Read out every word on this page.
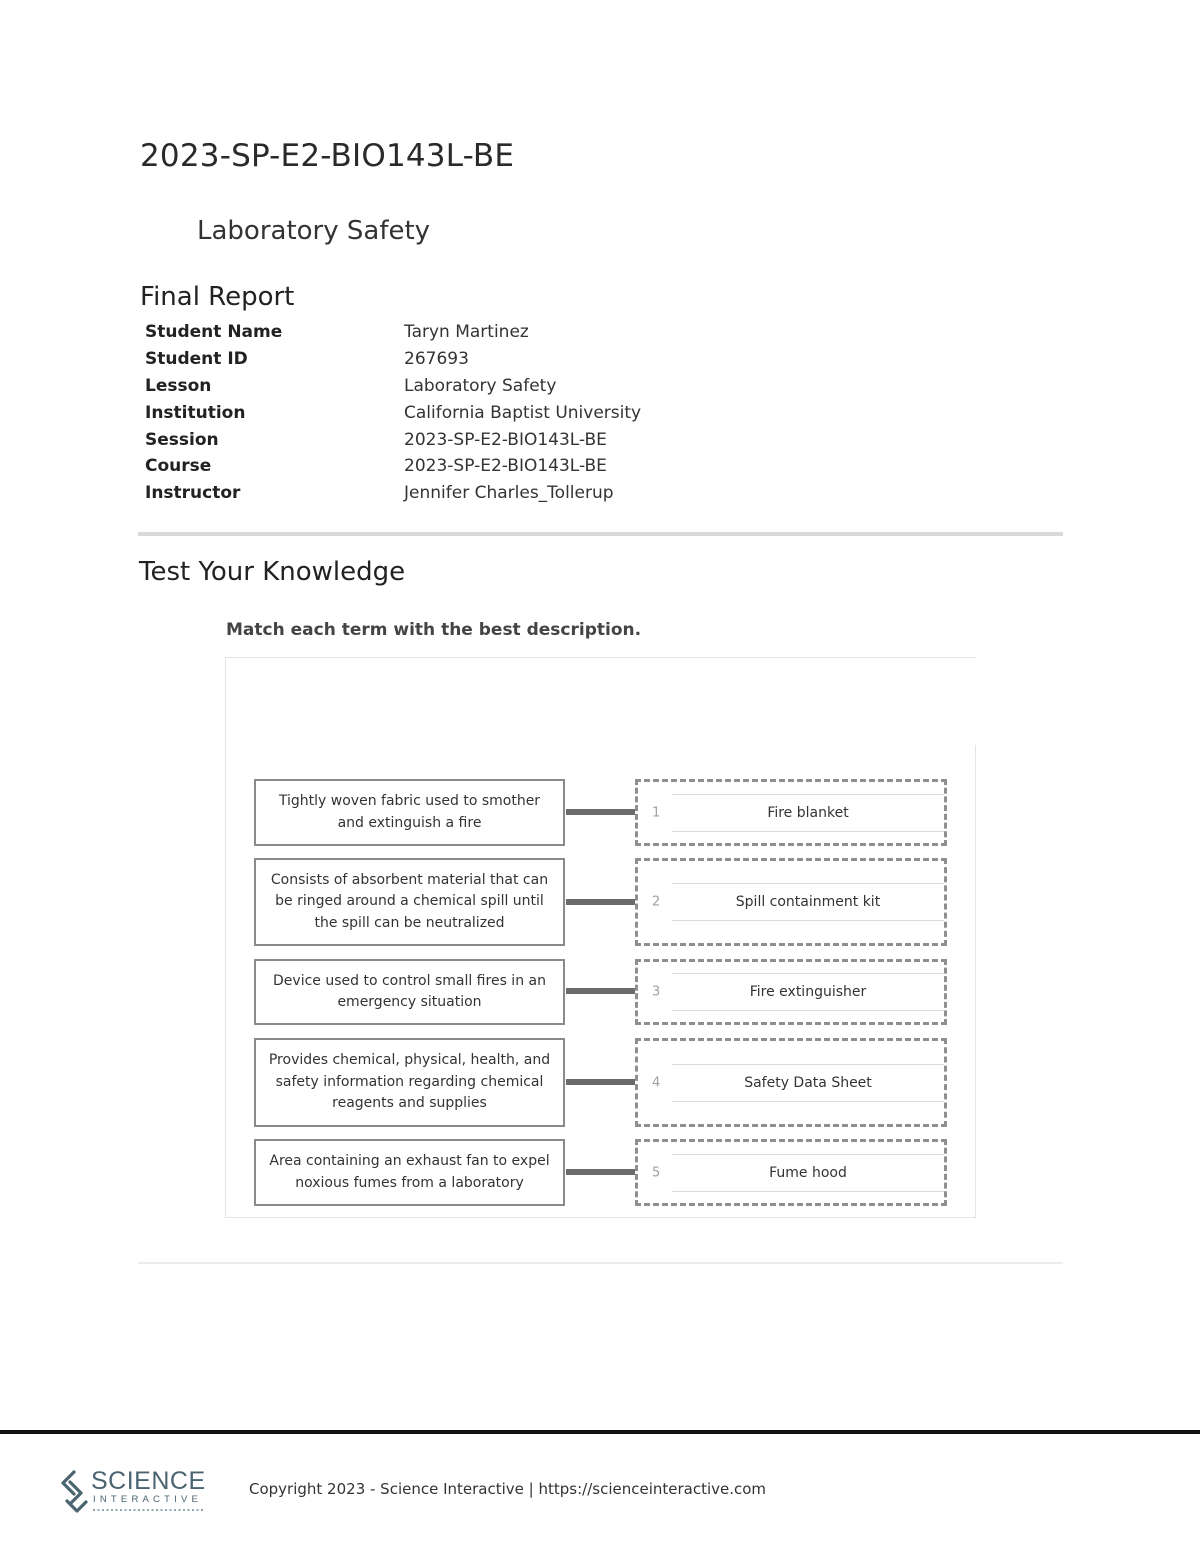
2023-SP-E2-BIO143L-BE
Laboratory Safety
Final Report
Student Name	Taryn Martinez
Student ID	267693
Lesson	Laboratory Safety
Institution	California Baptist University
Session	2023-SP-E2-BIO143L-BE
Course	2023-SP-E2-BIO143L-BE
Instructor	Jennifer Charles_Tollerup
Test Your Knowledge
Match each term with the best description.
Tightly woven fabric used to smother and extinguish a fire
1	Fire blanket
Consists of absorbent material that can be ringed around a chemical spill until the spill can be neutralized
2	Spill containment kit
Device used to control small fires in an emergency situation
3	Fire extinguisher
Provides chemical, physical, health, and safety information regarding chemical reagents and supplies
4	Safety Data Sheet
Area containing an exhaust fan to expel noxious fumes from a laboratory
5	Fume hood
SCIENCE
INTERACTIVE
Copyright 2023 - Science Interactive | https://scienceinteractive.com
